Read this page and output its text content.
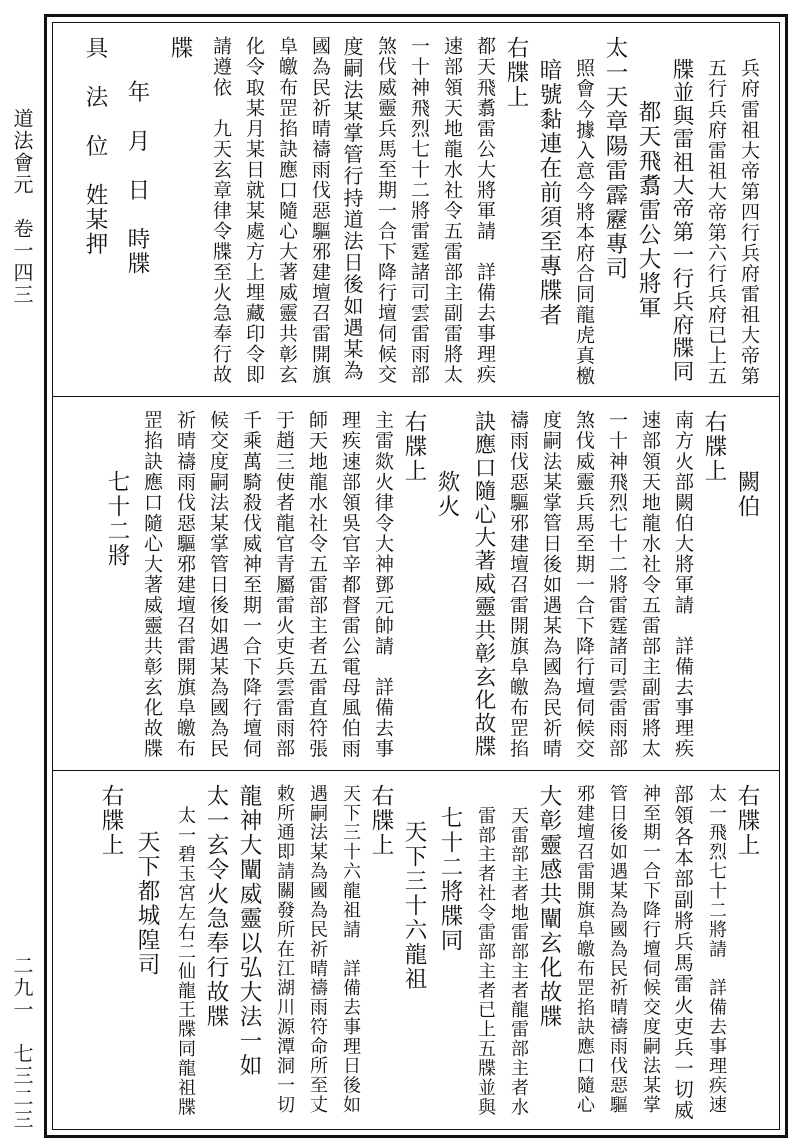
道法會元　卷一四三
二九一　七三二三

兵府雷祖大帝第四行兵府雷祖大帝第

五行兵府雷祖大帝第六行兵府已上五

牒並與雷祖大帝第一行兵府牒同

都天飛翥雷公大將軍

太一天章陽雷霹靂專司

照會今據入意今將本府合同龍虎真檄

暗號黏連在前須至專牒者

右牒上

都天飛翥雷公大將軍請　詳備去事理疾

速部領天地龍水社令五雷部主副雷將太

一十神飛烈七十二將雷霆諸司雲雷雨部

煞伐威靈兵馬至期一合下降行壇伺候交

度嗣法某掌管行持道法日後如遇某為

國為民祈晴禱雨伐惡驅邪建壇召雷開旗

阜皦布罡掐訣應口隨心大著威靈共彰玄

化令取某月某日就某處方上埋藏印令即

請遵依　九天玄章律令牒至火急奉行故

牒

年　月　日　時牒

具　法　位　姓某押

闕伯

右牒上

南方火部闕伯大將軍請　詳備去事理疾

速部領天地龍水社令五雷部主副雷將太

一十神飛烈七十二將雷霆諸司雲雷雨部

煞伐威靈兵馬至期一合下降行壇伺候交

度嗣法某掌管日後如遇某為國為民祈晴

禱雨伐惡驅邪建壇召雷開旗阜皦布罡掐

訣應口隨心大著威靈共彰玄化故牒

欻火

右牒上

主雷欻火律令大神鄧元帥請　詳備去事

理疾速部領吳官辛都督雷公電母風伯雨

師天地龍水社令五雷部主者五雷直符張

于趙三使者龍官青屬雷火吏兵雲雷雨部

千乘萬騎殺伐威神至期一合下降行壇伺

候交度嗣法某掌管日後如遇某為國為民

祈晴禱雨伐惡驅邪建壇召雷開旗阜皦布

罡掐訣應口隨心大著威靈共彰玄化故牒

七十二將

右牒上

太一飛烈七十二將請　詳備去事理疾速

部領各本部副將兵馬雷火吏兵一切威

神至期一合下降行壇伺候交度嗣法某掌

管日後如遇某為國為民祈晴禱雨伐惡驅

邪建壇召雷開旗阜皦布罡掐訣應口隨心

大彰靈感共闡玄化故牒

天雷部主者地雷部主者龍雷部主者水

雷部主者社令雷部主者已上五牒並與

七十二將牒同

天下三十六龍祖

右牒上

天下三十六龍祖請　詳備去事理日後如

遇嗣法某為國為民祈晴禱雨符命所至丈

敕所通即請關發所在江湖川源潭洞一切

龍神大闡威靈以弘大法一如

太一玄令火急奉行故牒

太一碧玉宮左右二仙龍王牒同龍祖牒

天下都城隍司

右牒上
